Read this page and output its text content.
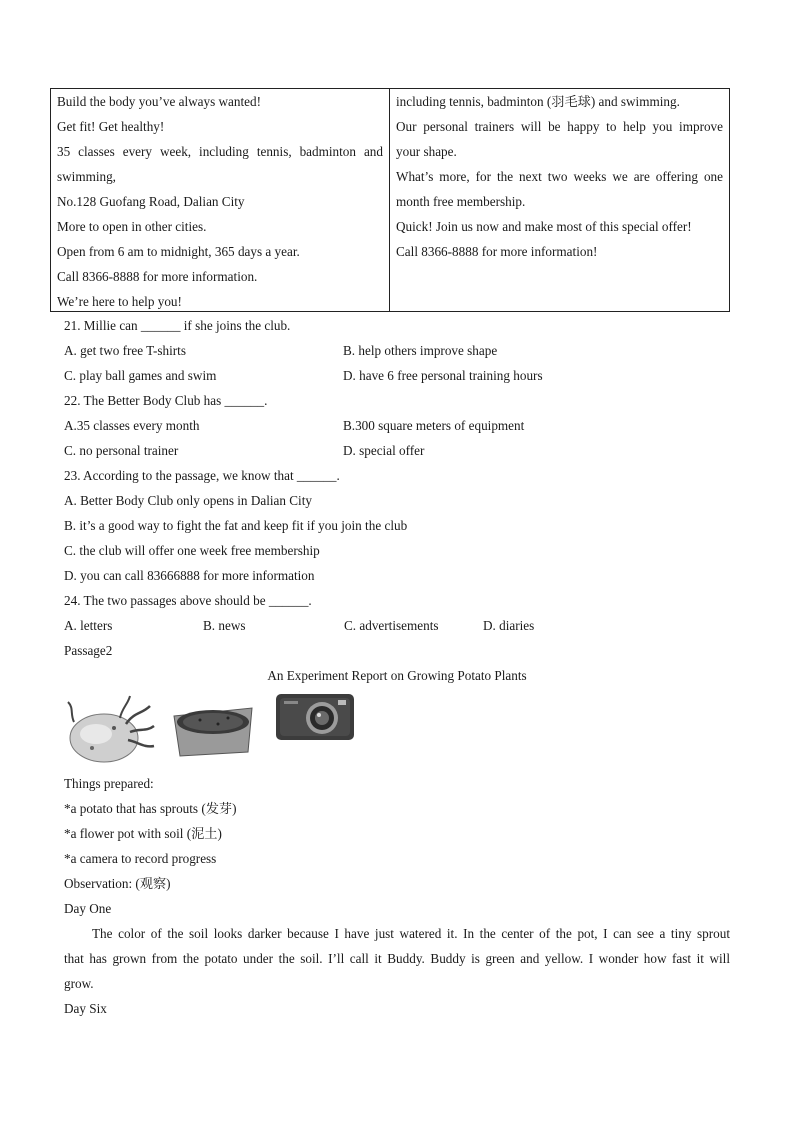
Build the body you’ve always wanted!
Get fit! Get healthy!
35 classes every week, including tennis, badminton and
swimming,
No.128 Guofang Road, Dalian City
More to open in other cities.
Open from 6 am to midnight, 365 days a year.
Call 8366-8888 for more information.
We’re here to help you!
including tennis, badminton (羽毛球) and swimming.
Our personal trainers will be happy to help you improve
your shape.
What’s more, for the next two weeks we are offering one
month free membership.
Quick! Join us now and make most of this special offer!
Call 8366-8888 for more information!
21. Millie can ______ if she joins the club.
A. get two free T-shirts	B. help others improve shape
C. play ball games and swim	D. have 6 free personal training hours
22. The Better Body Club has ______.
A.35 classes every month	B.300 square meters of equipment
C. no personal trainer	D. special offer
23. According to the passage, we know that ______.
A. Better Body Club only opens in Dalian City
B. it’s a good way to fight the fat and keep fit if you join the club
C. the club will offer one week free membership
D. you can call 83666888 for more information
24. The two passages above should be ______.
A. letters	B. news	C. advertisements	D. diaries
Passage2
An Experiment Report on Growing Potato Plants
Things prepared:
*a potato that has sprouts (发芽)
*a flower pot with soil (泥土)
*a camera to record progress
Observation: (观察)
Day One
The color of the soil looks darker because I have just watered it. In the center of the pot, I can see a tiny sprout
that has grown from the potato under the soil. I’ll call it Buddy. Buddy is green and yellow. I wonder how fast it will
grow.
Day Six
